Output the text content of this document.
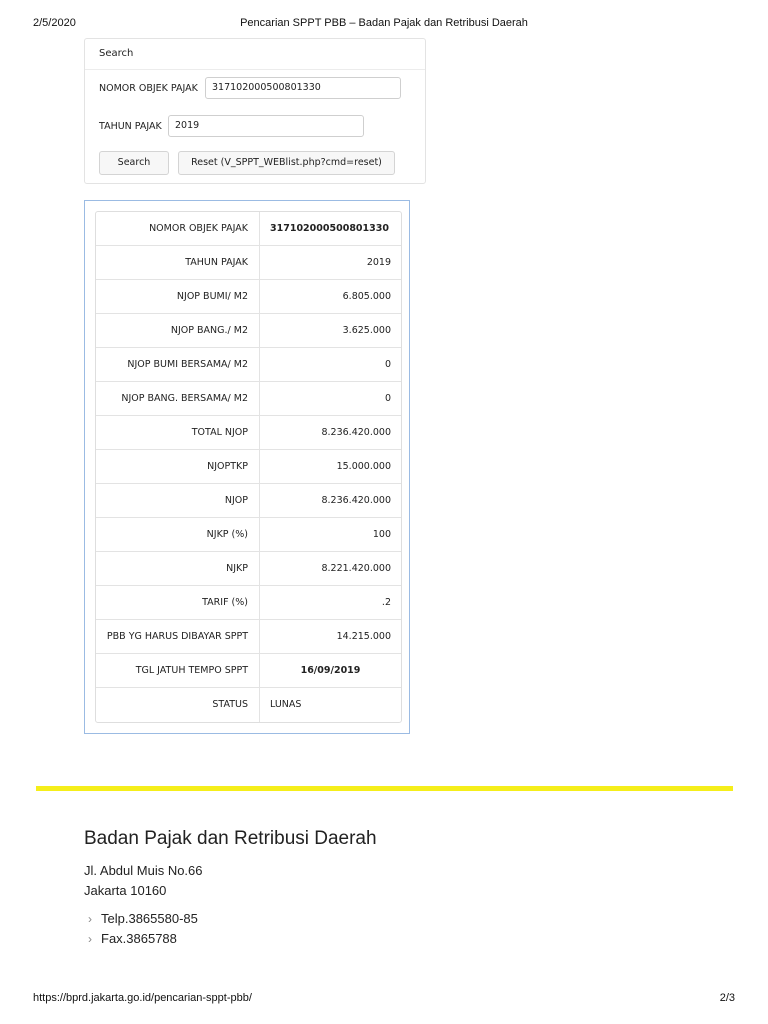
2/5/2020	Pencarian SPPT PBB – Badan Pajak dan Retribusi Daerah
Search
NOMOR OBJEK PAJAK	317102000500801330
TAHUN PAJAK	2019
Search	Reset (V_SPPT_WEBlist.php?cmd=reset)
NOMOR OBJEK PAJAK	317102000500801330
TAHUN PAJAK	2019
NJOP BUMI/ M2	6.805.000
NJOP BANG./ M2	3.625.000
NJOP BUMI BERSAMA/ M2	0
NJOP BANG. BERSAMA/ M2	0
TOTAL NJOP	8.236.420.000
NJOPTKP	15.000.000
NJOP	8.236.420.000
NJKP (%)	100
NJKP	8.221.420.000
TARIF (%)	.2
PBB YG HARUS DIBAYAR SPPT	14.215.000
TGL JATUH TEMPO SPPT	16/09/2019
STATUS	LUNAS
Badan Pajak dan Retribusi Daerah
Jl. Abdul Muis No.66
Jakarta 10160
› Telp.3865580-85
› Fax.3865788
https://bprd.jakarta.go.id/pencarian-sppt-pbb/	2/3
